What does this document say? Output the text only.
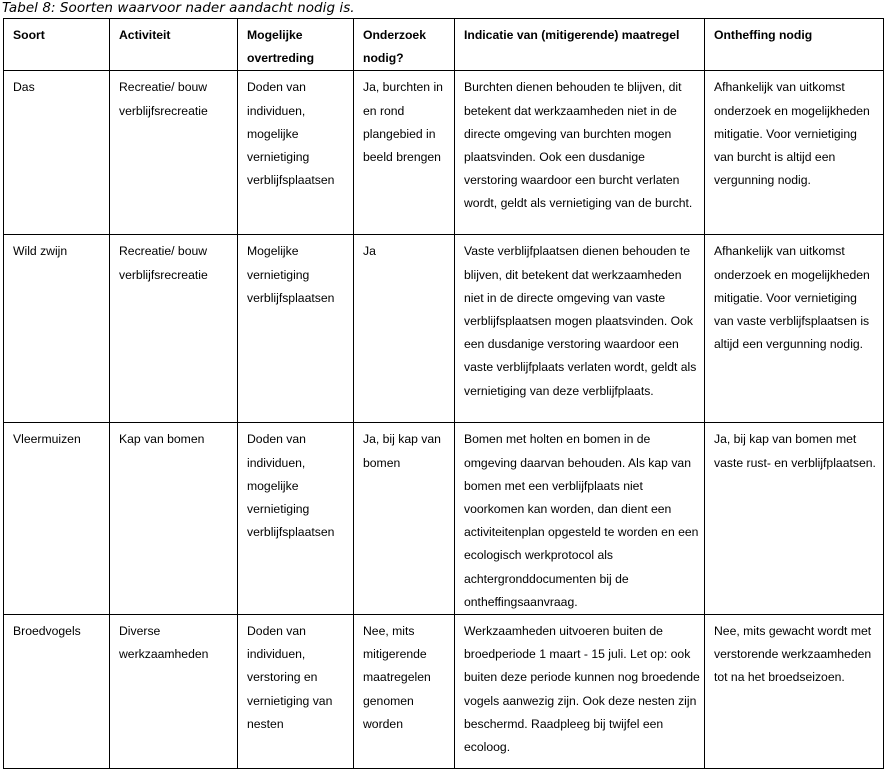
Tabel 8: Soorten waarvoor nader aandacht nodig is.
Soort	Activiteit	Mogelijke overtreding	Onderzoek nodig?	Indicatie van (mitigerende) maatregel	Ontheffing nodig
Das	Recreatie/ bouw verblijfsrecreatie	Doden van individuen, mogelijke vernietiging verblijfsplaatsen	Ja, burchten in en rond plangebied in beeld brengen	Burchten dienen behouden te blijven, dit betekent dat werkzaamheden niet in de directe omgeving van burchten mogen plaatsvinden. Ook een dusdanige verstoring waardoor een burcht verlaten wordt, geldt als vernietiging van de burcht.	Afhankelijk van uitkomst onderzoek en mogelijkheden mitigatie. Voor vernietiging van burcht is altijd een vergunning nodig.
Wild zwijn	Recreatie/ bouw verblijfsrecreatie	Mogelijke vernietiging verblijfsplaatsen	Ja	Vaste verblijfplaatsen dienen behouden te blijven, dit betekent dat werkzaamheden niet in de directe omgeving van vaste verblijfsplaatsen mogen plaatsvinden. Ook een dusdanige verstoring waardoor een vaste verblijfplaats verlaten wordt, geldt als vernietiging van deze verblijfplaats.	Afhankelijk van uitkomst onderzoek en mogelijkheden mitigatie. Voor vernietiging van vaste verblijfsplaatsen is altijd een vergunning nodig.
Vleermuizen	Kap van bomen	Doden van individuen, mogelijke vernietiging verblijfsplaatsen	Ja, bij kap van bomen	Bomen met holten en bomen in de omgeving daarvan behouden. Als kap van bomen met een verblijfplaats niet voorkomen kan worden, dan dient een activiteitenplan opgesteld te worden en een ecologisch werkprotocol als achtergronddocumenten bij de ontheffingsaanvraag.	Ja, bij kap van bomen met vaste rust- en verblijfplaatsen.
Broedvogels	Diverse werkzaamheden	Doden van individuen, verstoring en vernietiging van nesten	Nee, mits mitigerende maatregelen genomen worden	Werkzaamheden uitvoeren buiten de broedperiode 1 maart - 15 juli. Let op: ook buiten deze periode kunnen nog broedende vogels aanwezig zijn. Ook deze nesten zijn beschermd. Raadpleeg bij twijfel een ecoloog.	Nee, mits gewacht wordt met verstorende werkzaamheden tot na het broedseizoen.
